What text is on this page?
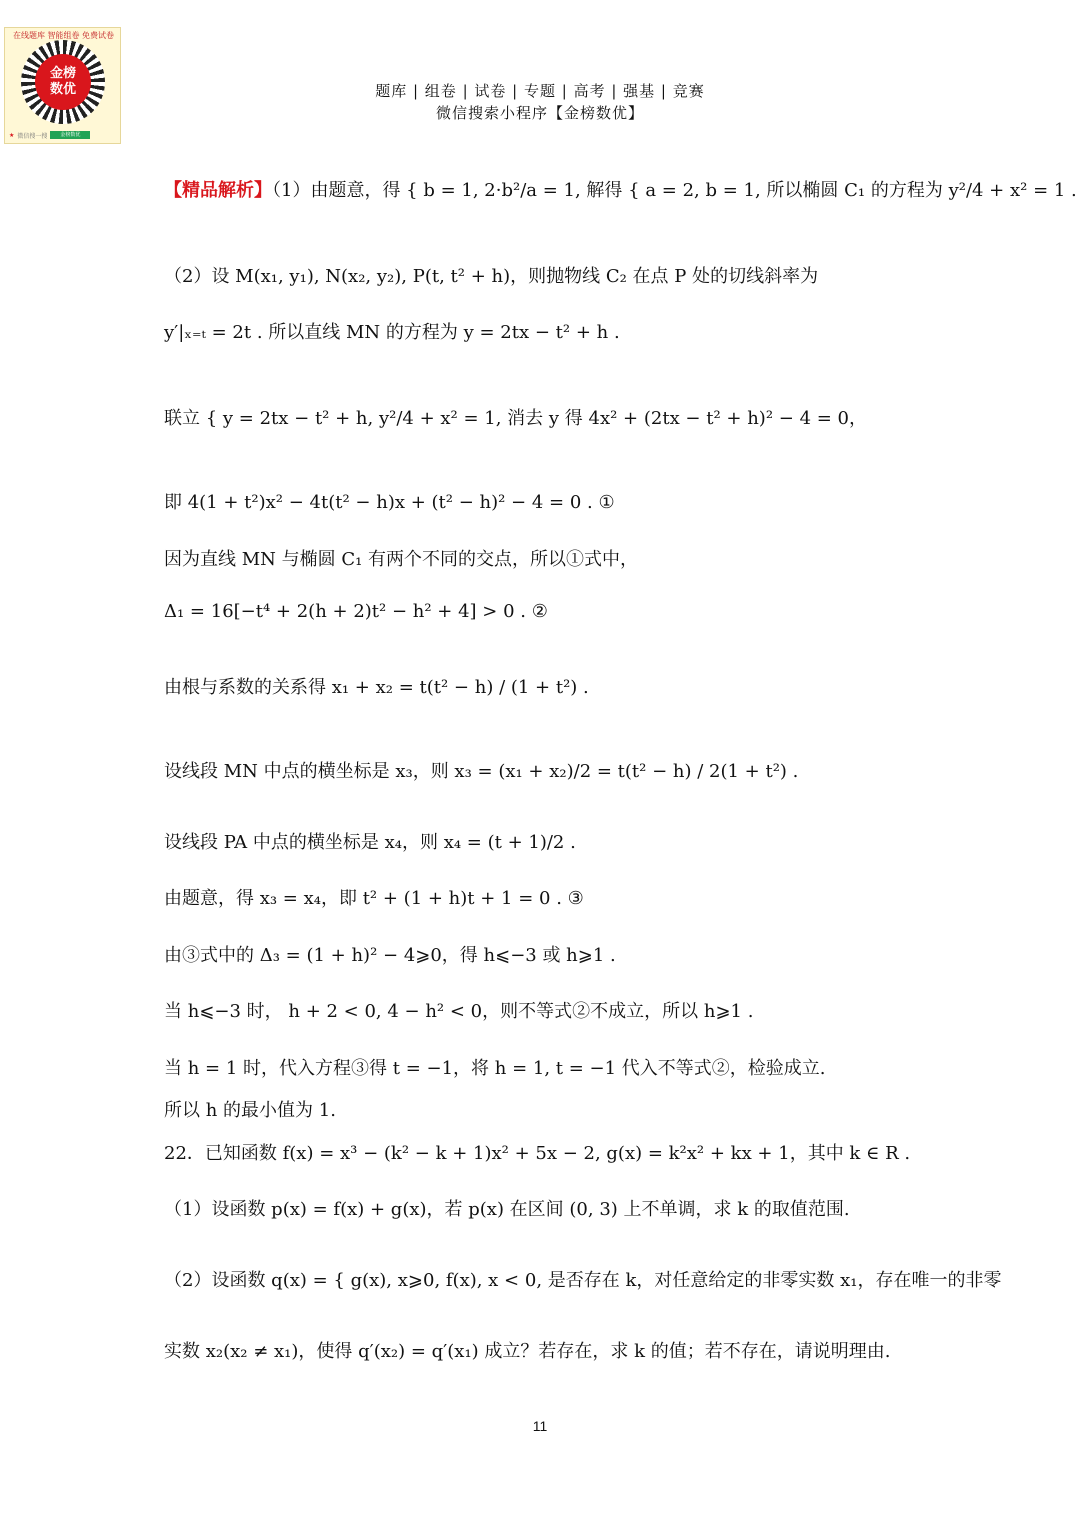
在线题库 智能组卷 免费试卷
金榜
数优
★ 微信搜一搜	金榜数优
题库 | 组卷 | 试卷 | 专题 | 高考 | 强基 | 竞赛
微信搜索小程序【金榜数优】
【精品解析】（1）由题意，得 { b = 1, 2·b²/a = 1, 解得 { a = 2, b = 1, 所以椭圆 C₁ 的方程为 y²/4 + x² = 1 .
（2）设 M(x₁, y₁), N(x₂, y₂), P(t, t² + h)，则抛物线 C₂ 在点 P 处的切线斜率为
y′|ₓ₌ₜ = 2t . 所以直线 MN 的方程为 y = 2tx − t² + h .
联立 { y = 2tx − t² + h, y²/4 + x² = 1, 消去 y 得 4x² + (2tx − t² + h)² − 4 = 0，
即 4(1 + t²)x² − 4t(t² − h)x + (t² − h)² − 4 = 0 . ①
因为直线 MN 与椭圆 C₁ 有两个不同的交点，所以①式中，
Δ₁ = 16[−t⁴ + 2(h + 2)t² − h² + 4] > 0 . ②
由根与系数的关系得 x₁ + x₂ = t(t² − h) / (1 + t²) .
设线段 MN 中点的横坐标是 x₃，则 x₃ = (x₁ + x₂)/2 = t(t² − h) / 2(1 + t²) .
设线段 PA 中点的横坐标是 x₄，则 x₄ = (t + 1)/2 .
由题意，得 x₃ = x₄，即 t² + (1 + h)t + 1 = 0 . ③
由③式中的 Δ₃ = (1 + h)² − 4⩾0，得 h⩽−3 或 h⩾1 .
当 h⩽−3 时， h + 2 < 0, 4 − h² < 0，则不等式②不成立，所以 h⩾1 .
当 h = 1 时，代入方程③得 t = −1，将 h = 1, t = −1 代入不等式②，检验成立.
所以 h 的最小值为 1.
22．已知函数 f(x) = x³ − (k² − k + 1)x² + 5x − 2, g(x) = k²x² + kx + 1，其中 k ∈ R .
（1）设函数 p(x) = f(x) + g(x)，若 p(x) 在区间 (0, 3) 上不单调，求 k 的取值范围.
（2）设函数 q(x) = { g(x), x⩾0, f(x), x < 0, 是否存在 k，对任意给定的非零实数 x₁，存在唯一的非零
实数 x₂(x₂ ≠ x₁)，使得 q′(x₂) = q′(x₁) 成立？若存在，求 k 的值；若不存在，请说明理由.
11
